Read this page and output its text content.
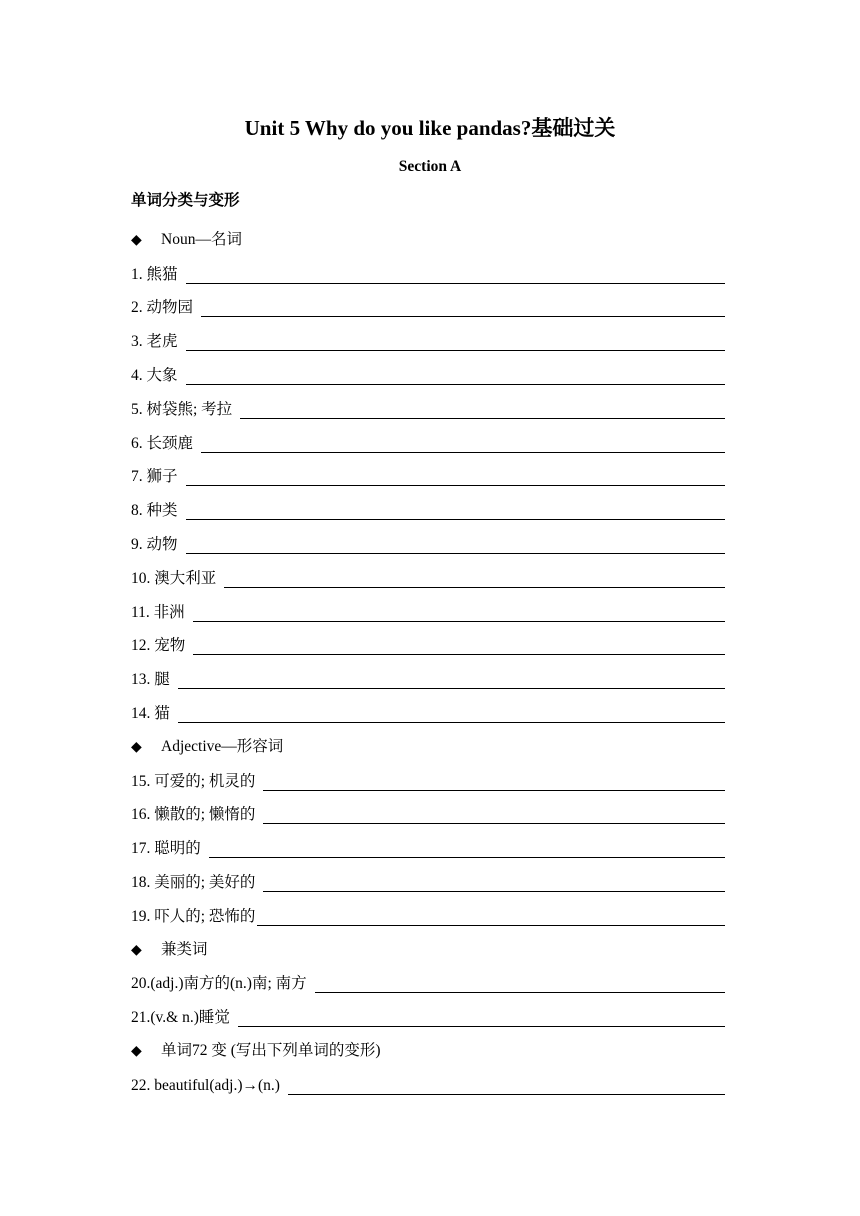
Unit 5 Why do you like pandas?基础过关
Section A
单词分类与变形
◆ Noun—名词
1. 熊猫
2. 动物园
3. 老虎
4. 大象
5. 树袋熊; 考拉
6. 长颈鹿
7. 狮子
8. 种类
9. 动物
10. 澳大利亚
11. 非洲
12. 宠物
13. 腿
14. 猫
◆ Adjective—形容词
15. 可爱的; 机灵的
16. 懒散的; 懒惰的
17. 聪明的
18. 美丽的; 美好的
19. 吓人的; 恐怖的
◆ 兼类词
20.(adj.)南方的(n.)南; 南方
21.(v.& n.)睡觉
◆ 单词72 变 (写出下列单词的变形)
22. beautiful(adj.)→(n.)
